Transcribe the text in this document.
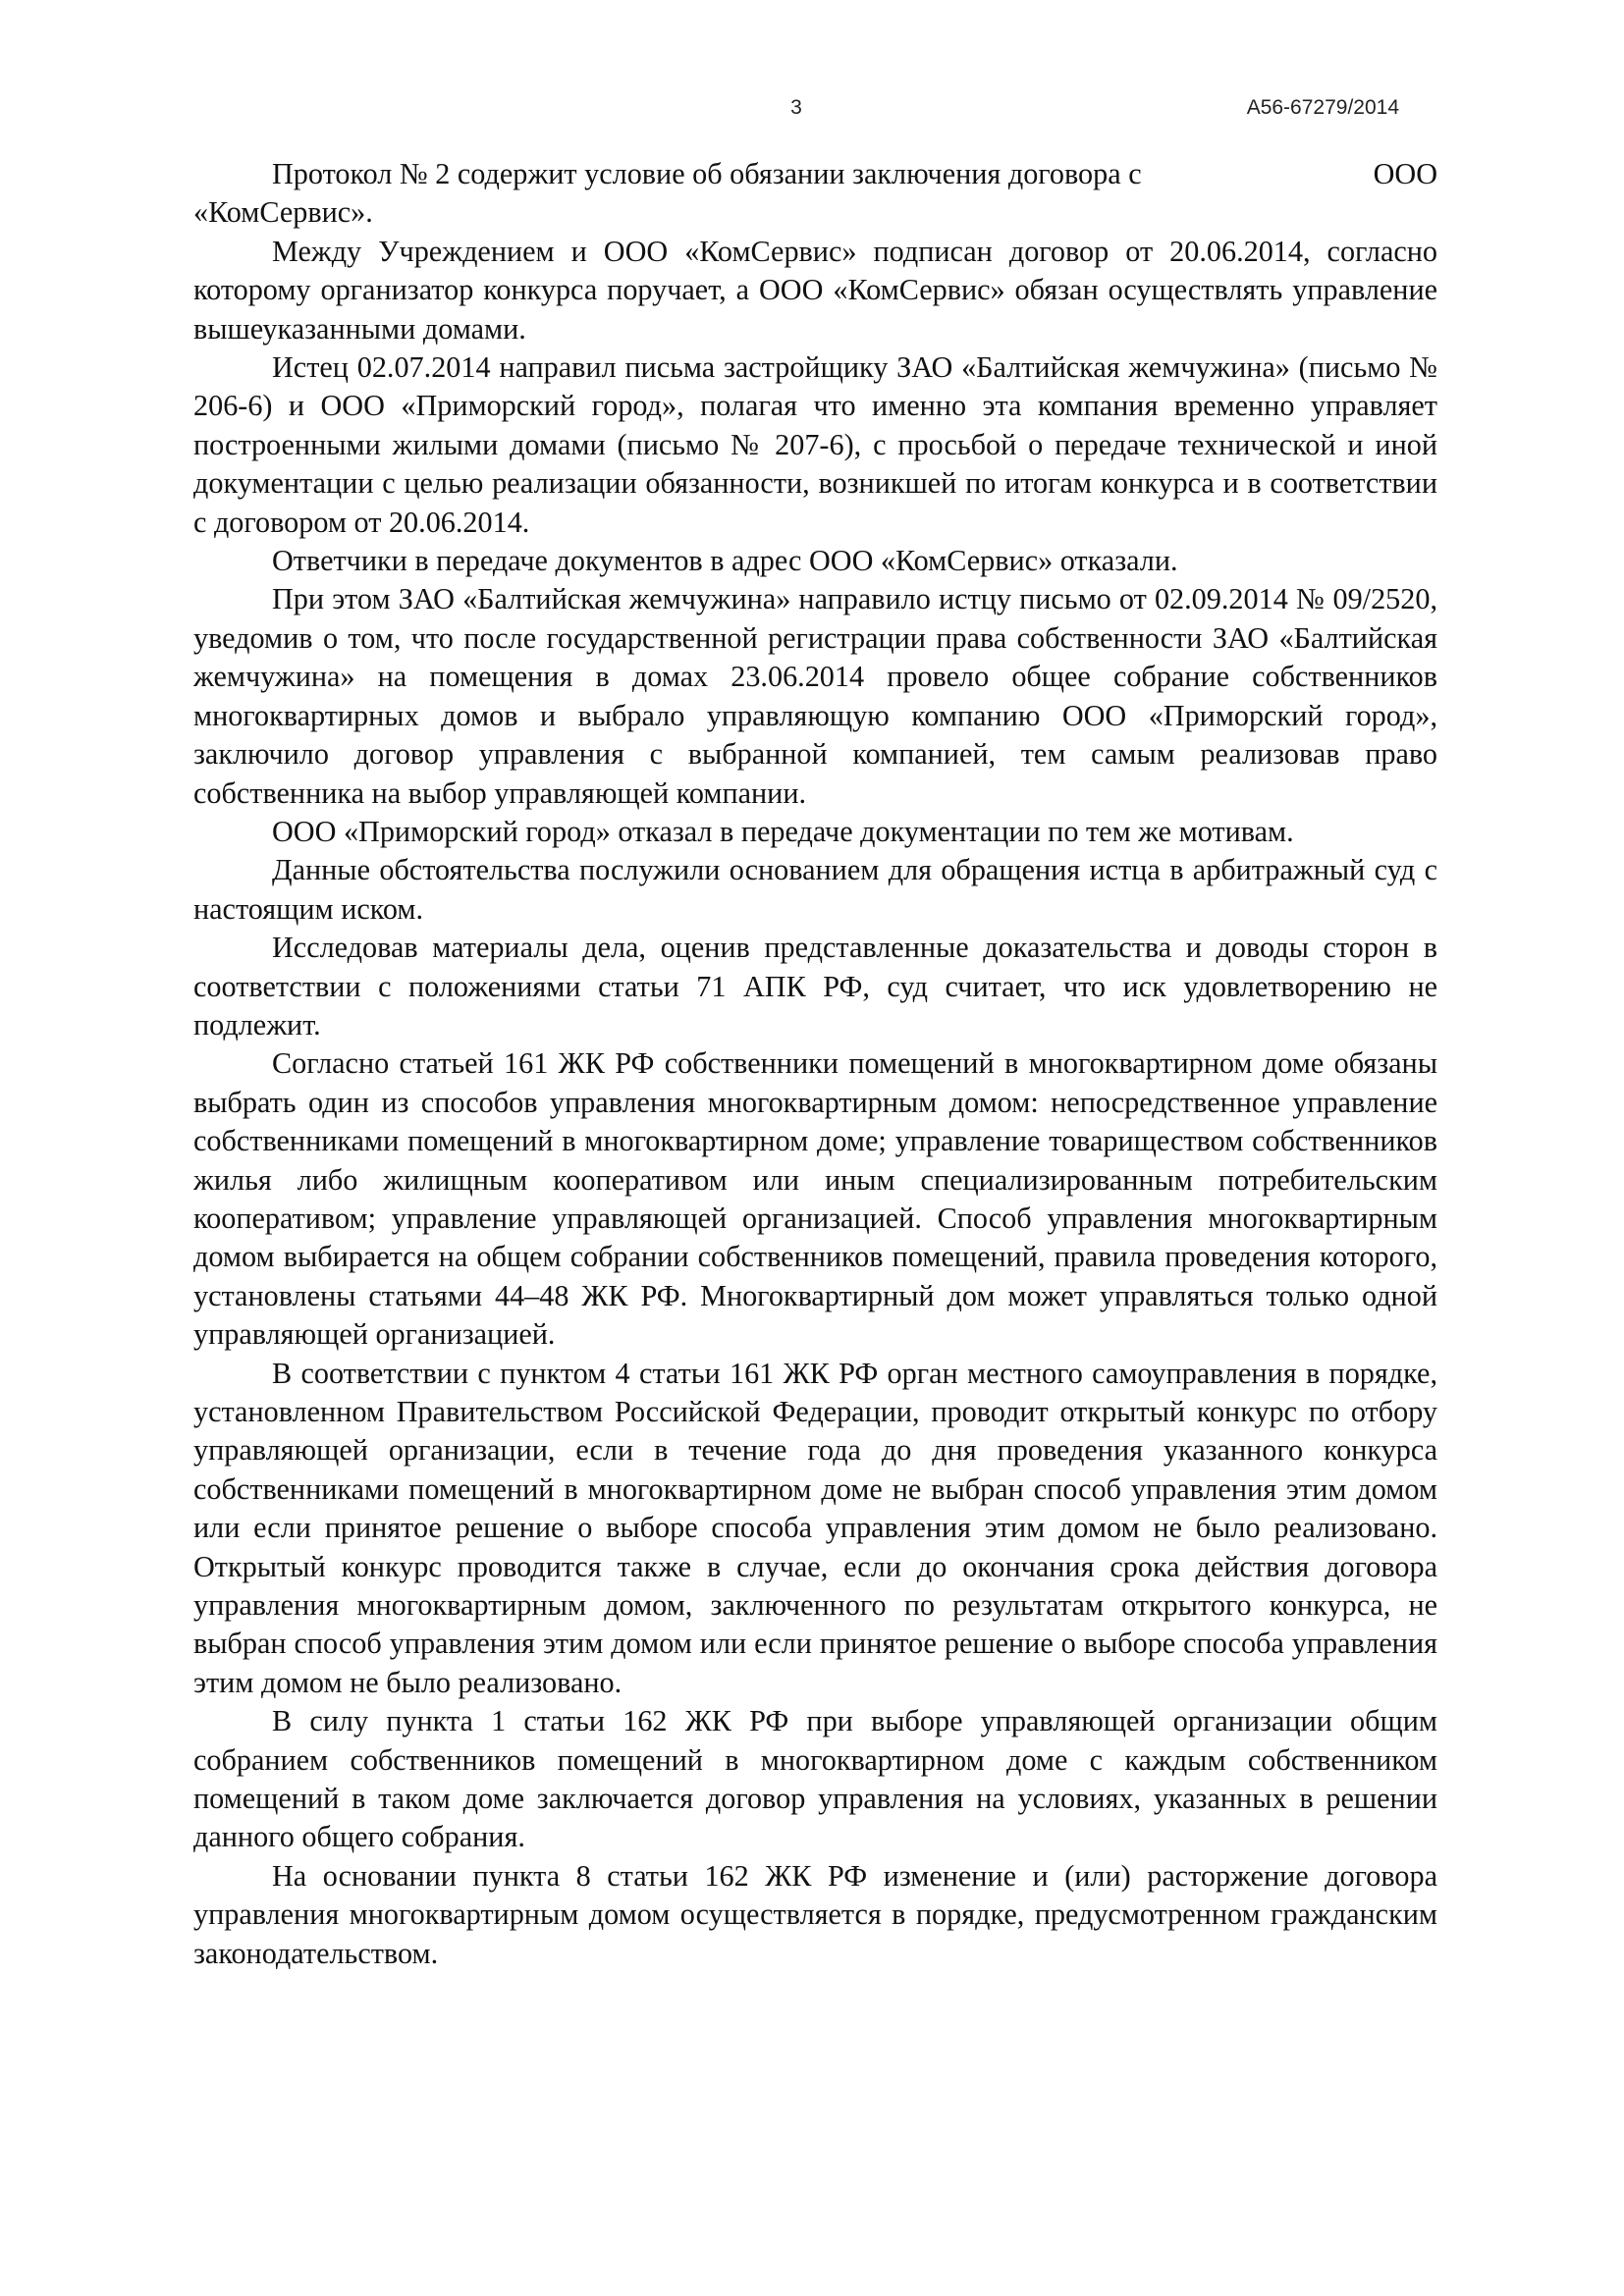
3	А56-67279/2014
Протокол № 2 содержит условие об обязании заключения договора с	ООО
«КомСервис».

Между Учреждением и ООО «КомСервис» подписан договор от 20.06.2014, согласно которому организатор конкурса поручает, а ООО «КомСервис» обязан осуществлять управление вышеуказанными домами.

Истец 02.07.2014 направил письма застройщику ЗАО «Балтийская жемчужина» (письмо № 206-6) и ООО «Приморский город», полагая что именно эта компания временно управляет построенными жилыми домами (письмо № 207-6), с просьбой о передаче технической и иной документации с целью реализации обязанности, возникшей по итогам конкурса и в соответствии с договором от 20.06.2014.

Ответчики в передаче документов в адрес ООО «КомСервис» отказали.

При этом ЗАО «Балтийская жемчужина» направило истцу письмо от 02.09.2014 № 09/2520, уведомив о том, что после государственной регистрации права собственности ЗАО «Балтийская жемчужина» на помещения в домах 23.06.2014 провело общее собрание собственников многоквартирных домов и выбрало управляющую компанию ООО «Приморский город», заключило договор управления с выбранной компанией, тем самым реализовав право собственника на выбор управляющей компании.

ООО «Приморский город» отказал в передаче документации по тем же мотивам.

Данные обстоятельства послужили основанием для обращения истца в арбитражный суд с настоящим иском.

Исследовав материалы дела, оценив представленные доказательства и доводы сторон в соответствии с положениями статьи 71 АПК РФ, суд считает, что иск удовлетворению не подлежит.

Согласно статьей 161 ЖК РФ собственники помещений в многоквартирном доме обязаны выбрать один из способов управления многоквартирным домом: непосредственное управление собственниками помещений в многоквартирном доме; управление товариществом собственников жилья либо жилищным кооперативом или иным специализированным потребительским кооперативом; управление управляющей организацией. Способ управления многоквартирным домом выбирается на общем собрании собственников помещений, правила проведения которого, установлены статьями 44–48 ЖК РФ. Многоквартирный дом может управляться только одной управляющей организацией.

В соответствии с пунктом 4 статьи 161 ЖК РФ орган местного самоуправления в порядке, установленном Правительством Российской Федерации, проводит открытый конкурс по отбору управляющей организации, если в течение года до дня проведения указанного конкурса собственниками помещений в многоквартирном доме не выбран способ управления этим домом или если принятое решение о выборе способа управления этим домом не было реализовано. Открытый конкурс проводится также в случае, если до окончания срока действия договора управления многоквартирным домом, заключенного по результатам открытого конкурса, не выбран способ управления этим домом или если принятое решение о выборе способа управления этим домом не было реализовано.

В силу пункта 1 статьи 162 ЖК РФ при выборе управляющей организации общим собранием собственников помещений в многоквартирном доме с каждым собственником помещений в таком доме заключается договор управления на условиях, указанных в решении данного общего собрания.

На основании пункта 8 статьи 162 ЖК РФ изменение и (или) расторжение договора управления многоквартирным домом осуществляется в порядке, предусмотренном гражданским законодательством.
